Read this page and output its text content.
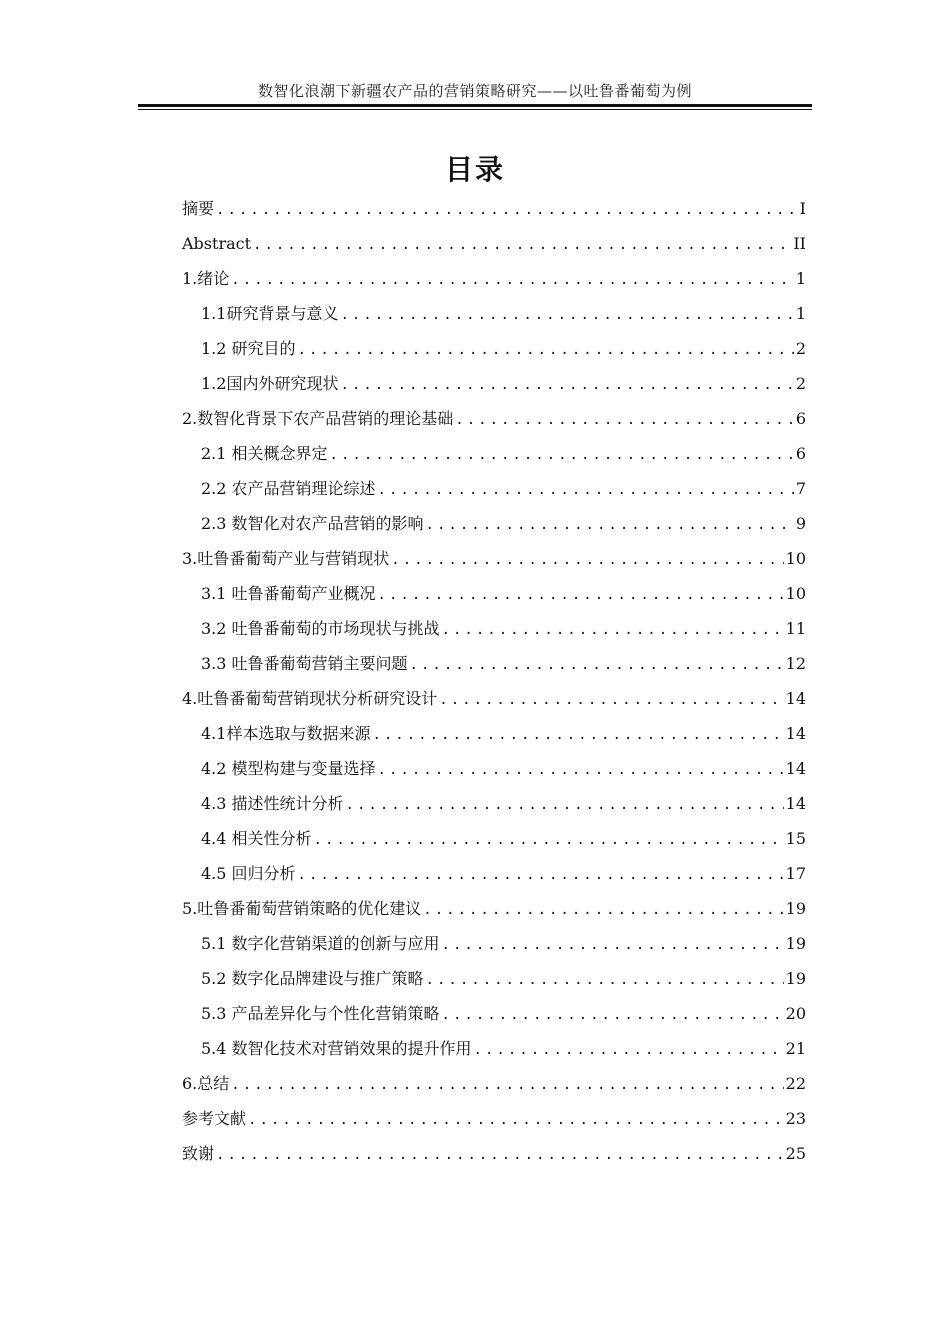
数智化浪潮下新疆农产品的营销策略研究——以吐鲁番葡萄为例
目录
摘要 .....	I
Abstract .....	II
1.绪论 .....	1
1.1研究背景与意义 .....	1
1.2 研究目的 .....	2
1.2国内外研究现状 .....	2
2.数智化背景下农产品营销的理论基础 .....	6
2.1 相关概念界定 .....	6
2.2 农产品营销理论综述 .....	7
2.3 数智化对农产品营销的影响 .....	9
3.吐鲁番葡萄产业与营销现状 .....	10
3.1 吐鲁番葡萄产业概况 .....	10
3.2 吐鲁番葡萄的市场现状与挑战 .....	11
3.3 吐鲁番葡萄营销主要问题 .....	12
4.吐鲁番葡萄营销现状分析研究设计 .....	14
4.1样本选取与数据来源 .....	14
4.2 模型构建与变量选择 .....	14
4.3 描述性统计分析 .....	14
4.4 相关性分析 .....	15
4.5 回归分析 .....	17
5.吐鲁番葡萄营销策略的优化建议 .....	19
5.1 数字化营销渠道的创新与应用 .....	19
5.2 数字化品牌建设与推广策略 .....	19
5.3 产品差异化与个性化营销策略 .....	20
5.4 数智化技术对营销效果的提升作用 .....	21
6.总结 .....	22
参考文献 .....	23
致谢 .....	25
